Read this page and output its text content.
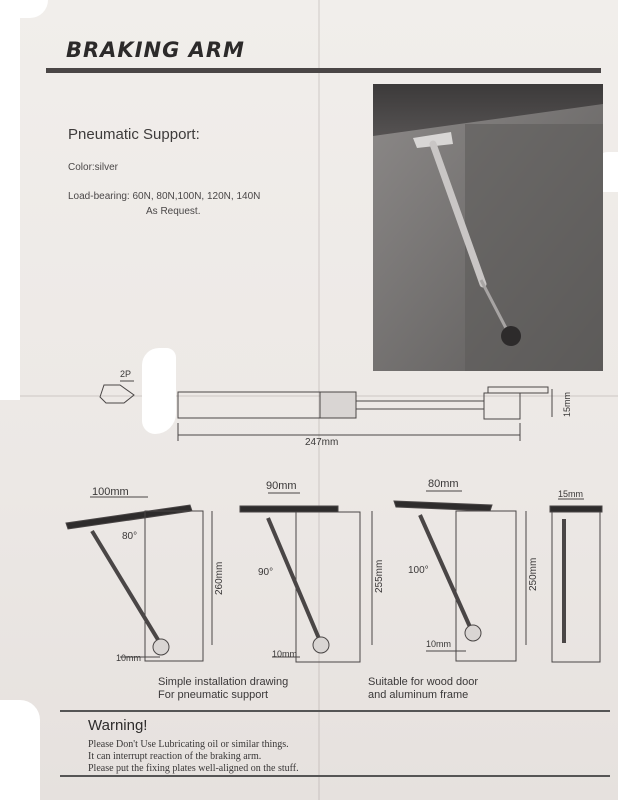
BRAKING ARM
Pneumatic Support:
Color:silver
Load-bearing: 60N, 80N,100N, 120N, 140N
As Request.
2P
247mm
15mm
100mm
80°
260mm
10mm
90mm
90°	255mm
10mm
80mm
100°	250mm
10mm
15mm
Simple installation drawing
For pneumatic support
Suitable for wood door
and aluminum frame
Warning!
Please Don't Use Lubricating oil or similar things.
It can interrupt reaction of the braking arm.
Please put the fixing plates well-aligned on the stuff.
